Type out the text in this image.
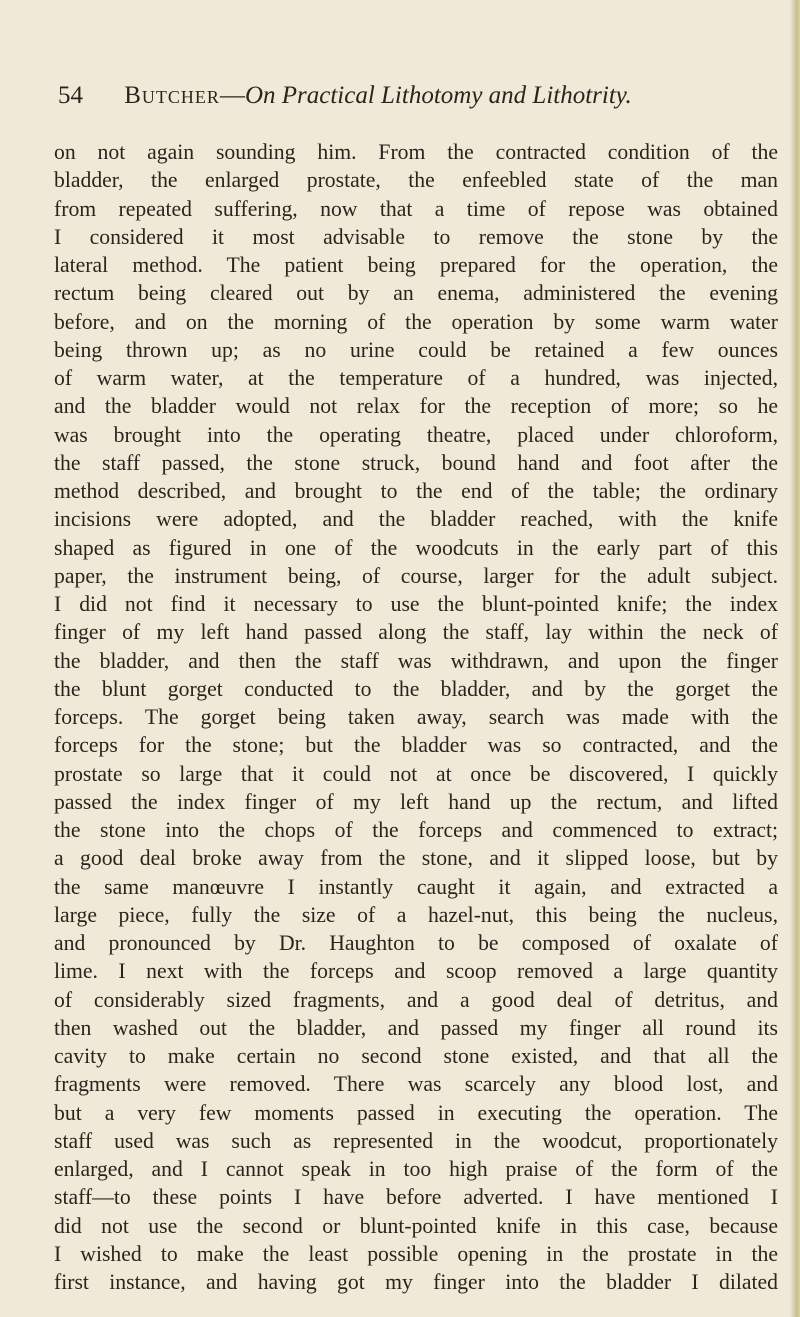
54 Butcher—On Practical Lithotomy and Lithotrity.
on not again sounding him. From the contracted condition of the
bladder, the enlarged prostate, the enfeebled state of the man
from repeated suffering, now that a time of repose was obtained
I considered it most advisable to remove the stone by the
lateral method. The patient being prepared for the operation, the
rectum being cleared out by an enema, administered the evening
before, and on the morning of the operation by some warm water
being thrown up; as no urine could be retained a few ounces
of warm water, at the temperature of a hundred, was injected,
and the bladder would not relax for the reception of more; so he
was brought into the operating theatre, placed under chloroform,
the staff passed, the stone struck, bound hand and foot after the
method described, and brought to the end of the table; the ordinary
incisions were adopted, and the bladder reached, with the knife
shaped as figured in one of the woodcuts in the early part of this
paper, the instrument being, of course, larger for the adult subject.
I did not find it necessary to use the blunt-pointed knife; the index
finger of my left hand passed along the staff, lay within the neck of
the bladder, and then the staff was withdrawn, and upon the finger
the blunt gorget conducted to the bladder, and by the gorget the
forceps. The gorget being taken away, search was made with the
forceps for the stone; but the bladder was so contracted, and the
prostate so large that it could not at once be discovered, I quickly
passed the index finger of my left hand up the rectum, and lifted
the stone into the chops of the forceps and commenced to extract;
a good deal broke away from the stone, and it slipped loose, but by
the same manœuvre I instantly caught it again, and extracted a
large piece, fully the size of a hazel-nut, this being the nucleus,
and pronounced by Dr. Haughton to be composed of oxalate of
lime. I next with the forceps and scoop removed a large quantity
of considerably sized fragments, and a good deal of detritus, and
then washed out the bladder, and passed my finger all round its
cavity to make certain no second stone existed, and that all the
fragments were removed. There was scarcely any blood lost, and
but a very few moments passed in executing the operation. The
staff used was such as represented in the woodcut, proportionately
enlarged, and I cannot speak in too high praise of the form of the
staff—to these points I have before adverted. I have mentioned I
did not use the second or blunt-pointed knife in this case, because
I wished to make the least possible opening in the prostate in the
first instance, and having got my finger into the bladder I dilated
